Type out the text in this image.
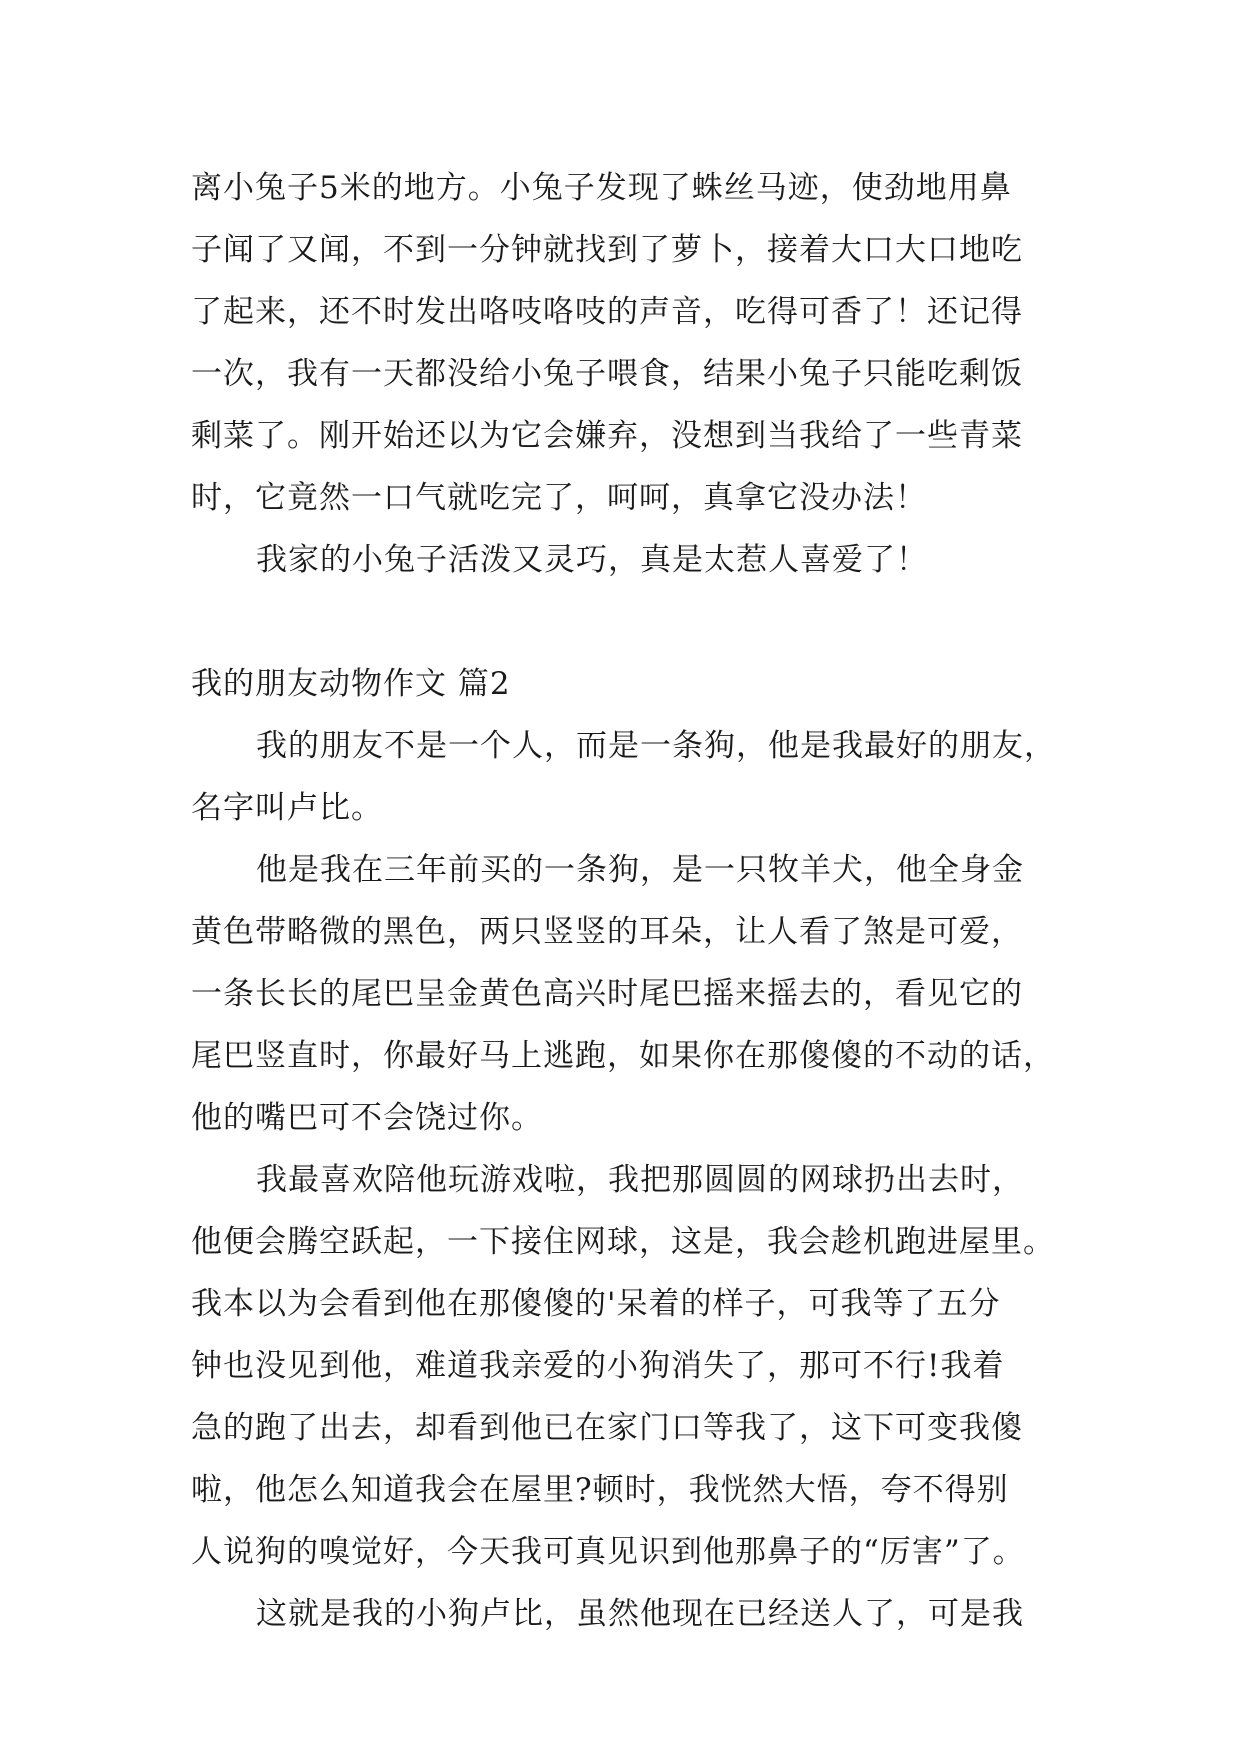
离小兔子5米的地方。小兔子发现了蛛丝马迹，使劲地用鼻
子闻了又闻，不到一分钟就找到了萝卜，接着大口大口地吃
了起来，还不时发出咯吱咯吱的声音，吃得可香了！还记得
一次，我有一天都没给小兔子喂食，结果小兔子只能吃剩饭
剩菜了。刚开始还以为它会嫌弃，没想到当我给了一些青菜
时，它竟然一口气就吃完了，呵呵，真拿它没办法！
我家的小兔子活泼又灵巧，真是太惹人喜爱了！
我的朋友动物作文 篇2
我的朋友不是一个人，而是一条狗，他是我最好的朋友，
名字叫卢比。
他是我在三年前买的一条狗，是一只牧羊犬，他全身金
黄色带略微的黑色，两只竖竖的耳朵，让人看了煞是可爱，
一条长长的尾巴呈金黄色高兴时尾巴摇来摇去的，看见它的
尾巴竖直时，你最好马上逃跑，如果你在那傻傻的不动的话，
他的嘴巴可不会饶过你。
我最喜欢陪他玩游戏啦，我把那圆圆的网球扔出去时，
他便会腾空跃起，一下接住网球，这是，我会趁机跑进屋里。
我本以为会看到他在那傻傻的'呆着的样子，可我等了五分
钟也没见到他，难道我亲爱的小狗消失了，那可不行!我着
急的跑了出去，却看到他已在家门口等我了，这下可变我傻
啦，他怎么知道我会在屋里?顿时，我恍然大悟，夸不得别
人说狗的嗅觉好，今天我可真见识到他那鼻子的“厉害”了。
这就是我的小狗卢比，虽然他现在已经送人了，可是我
